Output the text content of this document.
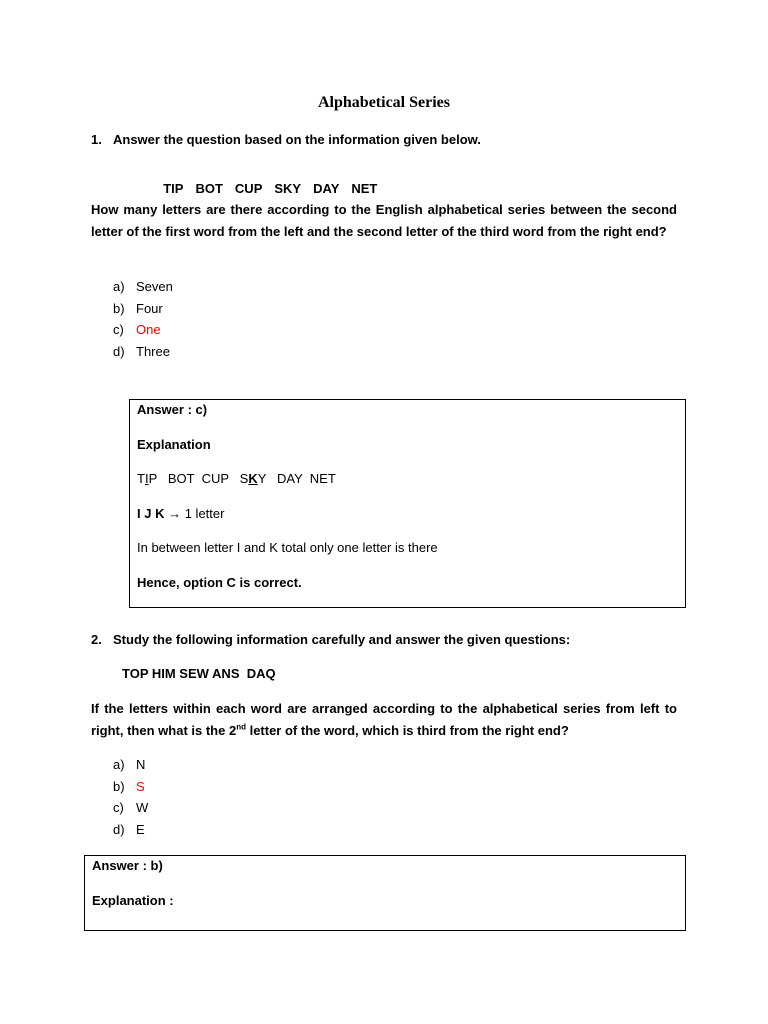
Alphabetical Series
1. Answer the question based on the information given below.

TIP BOT CUP SKY DAY NET

How many letters are there according to the English alphabetical series between the second letter of the first word from the left and the second letter of the third word from the right end?
a) Seven
b) Four
c) One
d) Three
Answer : c)
Explanation
TIP BOT CUP SKY DAY NET
I J K → 1 letter
In between letter I and K total only one letter is there
Hence, option C is correct.
2. Study the following information carefully and answer the given questions:
TOP HIM SEW ANS  DAQ
If the letters within each word are arranged according to the alphabetical series from left to right, then what is the 2nd letter of the word, which is third from the right end?
a) N
b) S
c) W
d) E
Answer : b)
Explanation :
